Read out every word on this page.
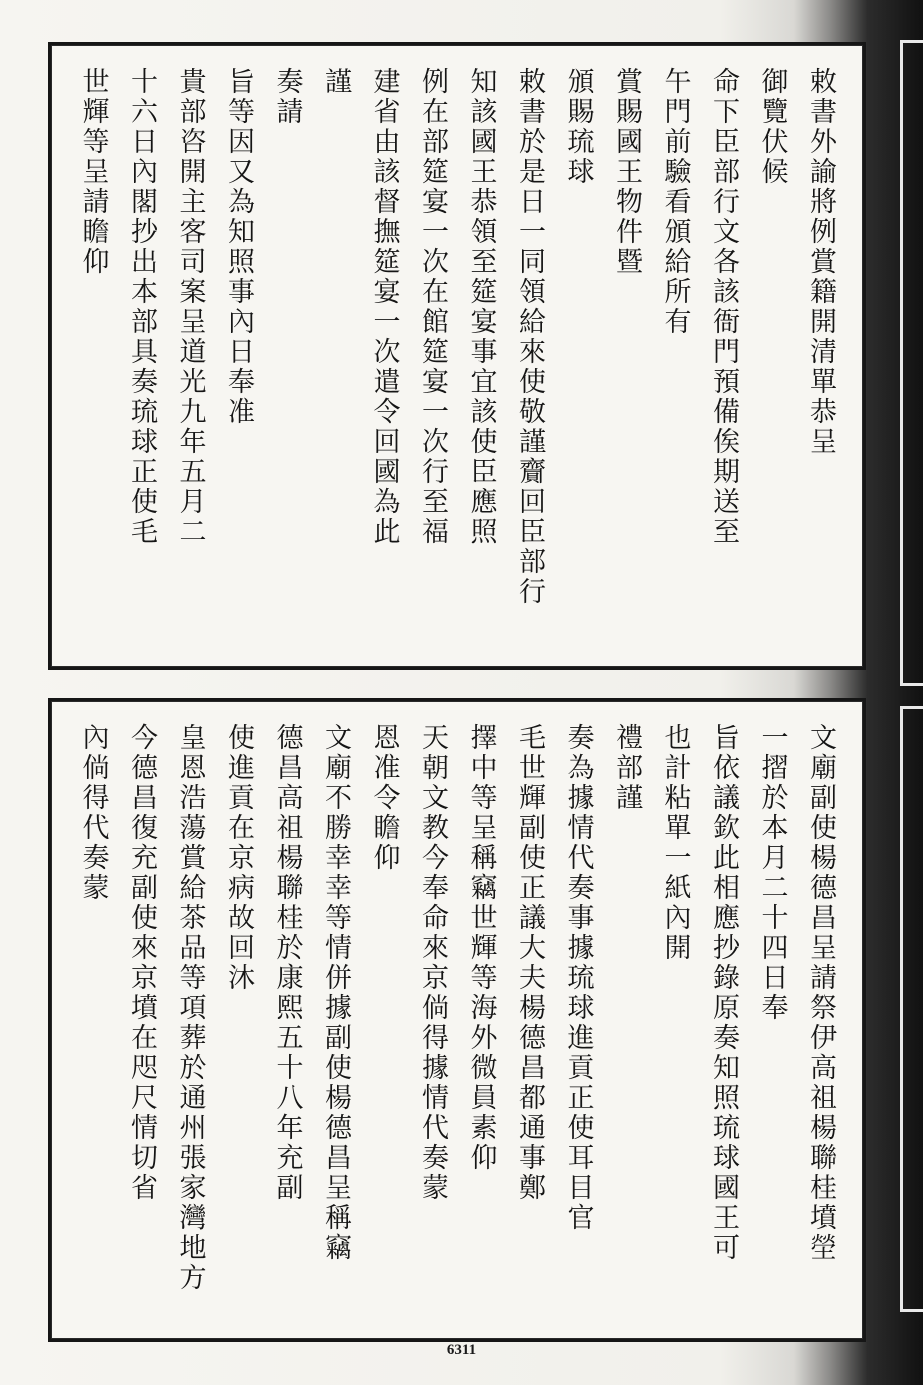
敕書外諭將例賞籍開清單恭呈
御覽伏候
命下臣部行文各該衙門預備俟期送至
午門前驗看頒給所有
賞賜國王物件暨
頒賜琉球
敕書於是日一同領給來使敬謹齎回臣部行
知該國王恭領至筵宴事宜該使臣應照
例在部筵宴一次在館筵宴一次行至福
建省由該督撫筵宴一次遣令回國為此
謹
奏請
旨等因又為知照事內日奉准
貴部咨開主客司案呈道光九年五月二
十六日內閣抄出本部具奏琉球正使毛
世輝等呈請瞻仰
文廟副使楊德昌呈請祭伊高祖楊聯桂墳塋
一摺於本月二十四日奉
旨依議欽此相應抄錄原奏知照琉球國王可
也計粘單一紙內開
禮部謹
奏為據情代奏事據琉球進貢正使耳目官
毛世輝副使正議大夫楊德昌都通事鄭
擇中等呈稱竊世輝等海外微員素仰
天朝文教今奉命來京倘得據情代奏蒙
恩准令瞻仰
文廟不勝幸幸等情併據副使楊德昌呈稱竊
德昌高祖楊聯桂於康熙五十八年充副
使進貢在京病故回沐
皇恩浩蕩賞給茶品等項葬於通州張家灣地方
今德昌復充副使來京墳在咫尺情切省
內倘得代奏蒙
6311
